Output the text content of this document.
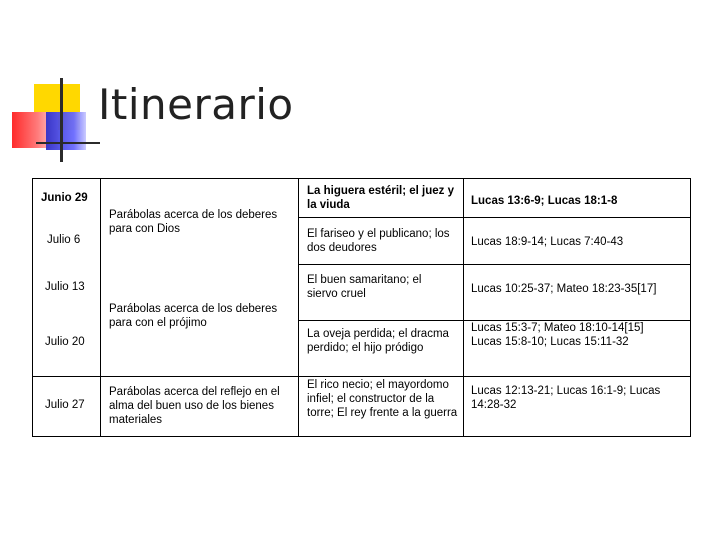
Itinerario
Junio 29
Julio 6
Julio 13
Julio 20
Julio 27
Parábolas acerca de los deberes para con Dios
Parábolas acerca de los deberes para con el prójimo
Parábolas acerca del reflejo en el alma del buen uso de los bienes materiales
La higuera estéril; el juez y la viuda
El fariseo y el publicano; los dos deudores
El buen samaritano; el siervo cruel
La oveja perdida; el dracma perdido; el hijo pródigo
El rico necio; el mayordomo infiel; el constructor de la torre; El rey frente a la guerra
Lucas 13:6-9; Lucas 18:1-8
Lucas 18:9-14; Lucas 7:40-43
Lucas 10:25-37; Mateo 18:23-35[17]
Lucas 15:3-7; Mateo 18:10-14[15] Lucas 15:8-10; Lucas 15:11-32
Lucas 12:13-21; Lucas 16:1-9; Lucas 14:28-32
